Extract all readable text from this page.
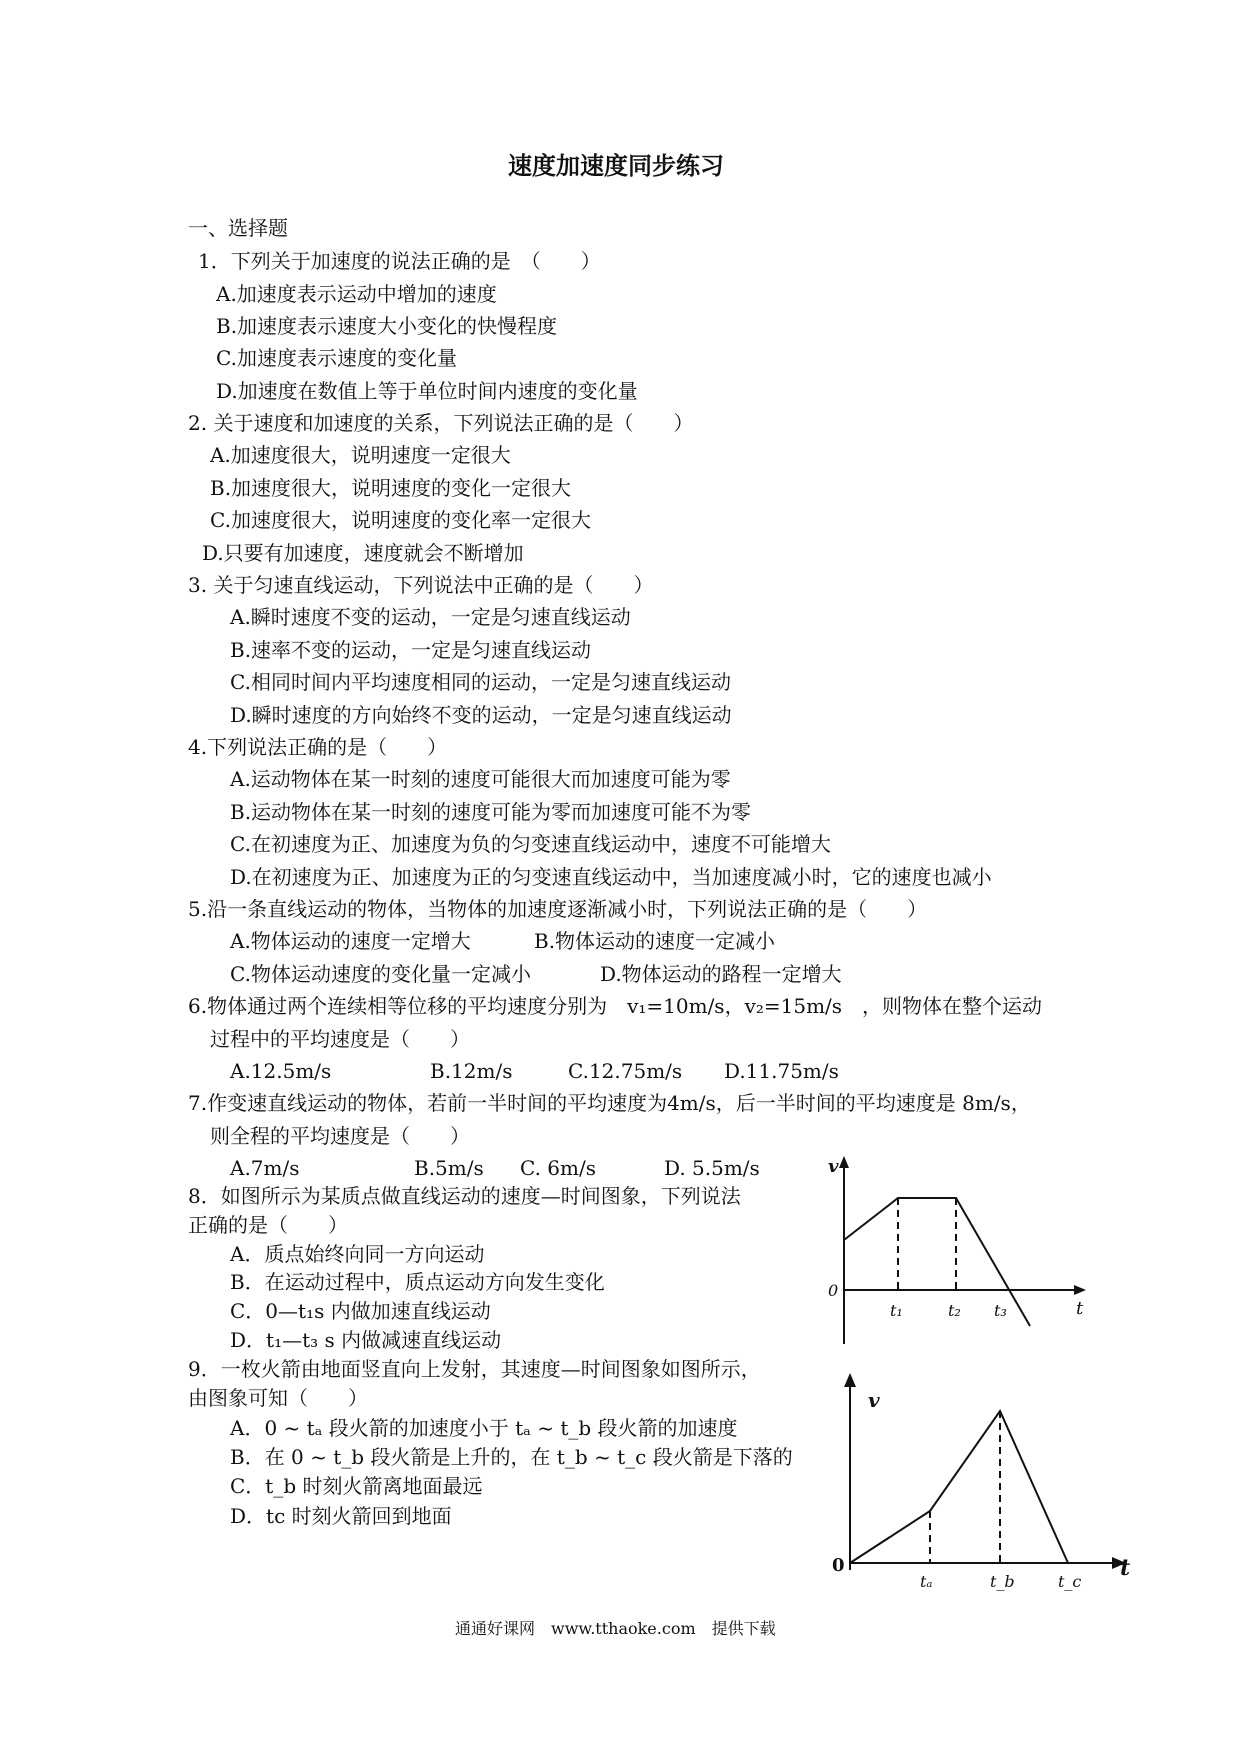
速度加速度同步练习
一、选择题
1．下列关于加速度的说法正确的是　（　　）
A.加速度表示运动中增加的速度
B.加速度表示速度大小变化的快慢程度
C.加速度表示速度的变化量
D.加速度在数值上等于单位时间内速度的变化量
2. 关于速度和加速度的关系，下列说法正确的是（　　）
A.加速度很大，说明速度一定很大
B.加速度很大，说明速度的变化一定很大
C.加速度很大，说明速度的变化率一定很大
D.只要有加速度，速度就会不断增加
3. 关于匀速直线运动，下列说法中正确的是（　　）
A.瞬时速度不变的运动，一定是匀速直线运动
B.速率不变的运动，一定是匀速直线运动
C.相同时间内平均速度相同的运动，一定是匀速直线运动
D.瞬时速度的方向始终不变的运动，一定是匀速直线运动
4.下列说法正确的是（　　）
A.运动物体在某一时刻的速度可能很大而加速度可能为零
B.运动物体在某一时刻的速度可能为零而加速度可能不为零
C.在初速度为正、加速度为负的匀变速直线运动中，速度不可能增大
D.在初速度为正、加速度为正的匀变速直线运动中，当加速度减小时，它的速度也减小
5.沿一条直线运动的物体，当物体的加速度逐渐减小时，下列说法正确的是（　　）
A.物体运动的速度一定增大	B.物体运动的速度一定减小
C.物体运动速度的变化量一定减小	D.物体运动的路程一定增大
6.物体通过两个连续相等位移的平均速度分别为　v₁=10m/s，v₂=15m/s　，则物体在整个运动
过程中的平均速度是（　　）
A.12.5m/s	B.12m/s	C.12.75m/s D.11.75m/s
7.作变速直线运动的物体，若前一半时间的平均速度为4m/s，后一半时间的平均速度是 8m/s，
则全程的平均速度是（　　）
A.7m/s	B.5m/s C. 6m/s	D. 5.5m/s
8．如图所示为某质点做直线运动的速度—时间图象，下列说法
正确的是（　　）
A．质点始终向同一方向运动
B．在运动过程中，质点运动方向发生变化
C．0—t₁s 内做加速直线运动
D．t₁—t₃ s 内做减速直线运动
9．一枚火箭由地面竖直向上发射，其速度—时间图象如图所示，
由图象可知（　　）
A．0 ~ tₐ 段火箭的加速度小于 tₐ ~ t_b 段火箭的加速度
B．在 0 ~ t_b 段火箭是上升的，在 t_b ~ t_c 段火箭是下落的
C．t_b 时刻火箭离地面最远
D．tc 时刻火箭回到地面
v
t
0
t₁	t₂ t₃
v
t
0
tₐ	t_b	t_c
通通好课网　www.tthaoke.com　提供下载
